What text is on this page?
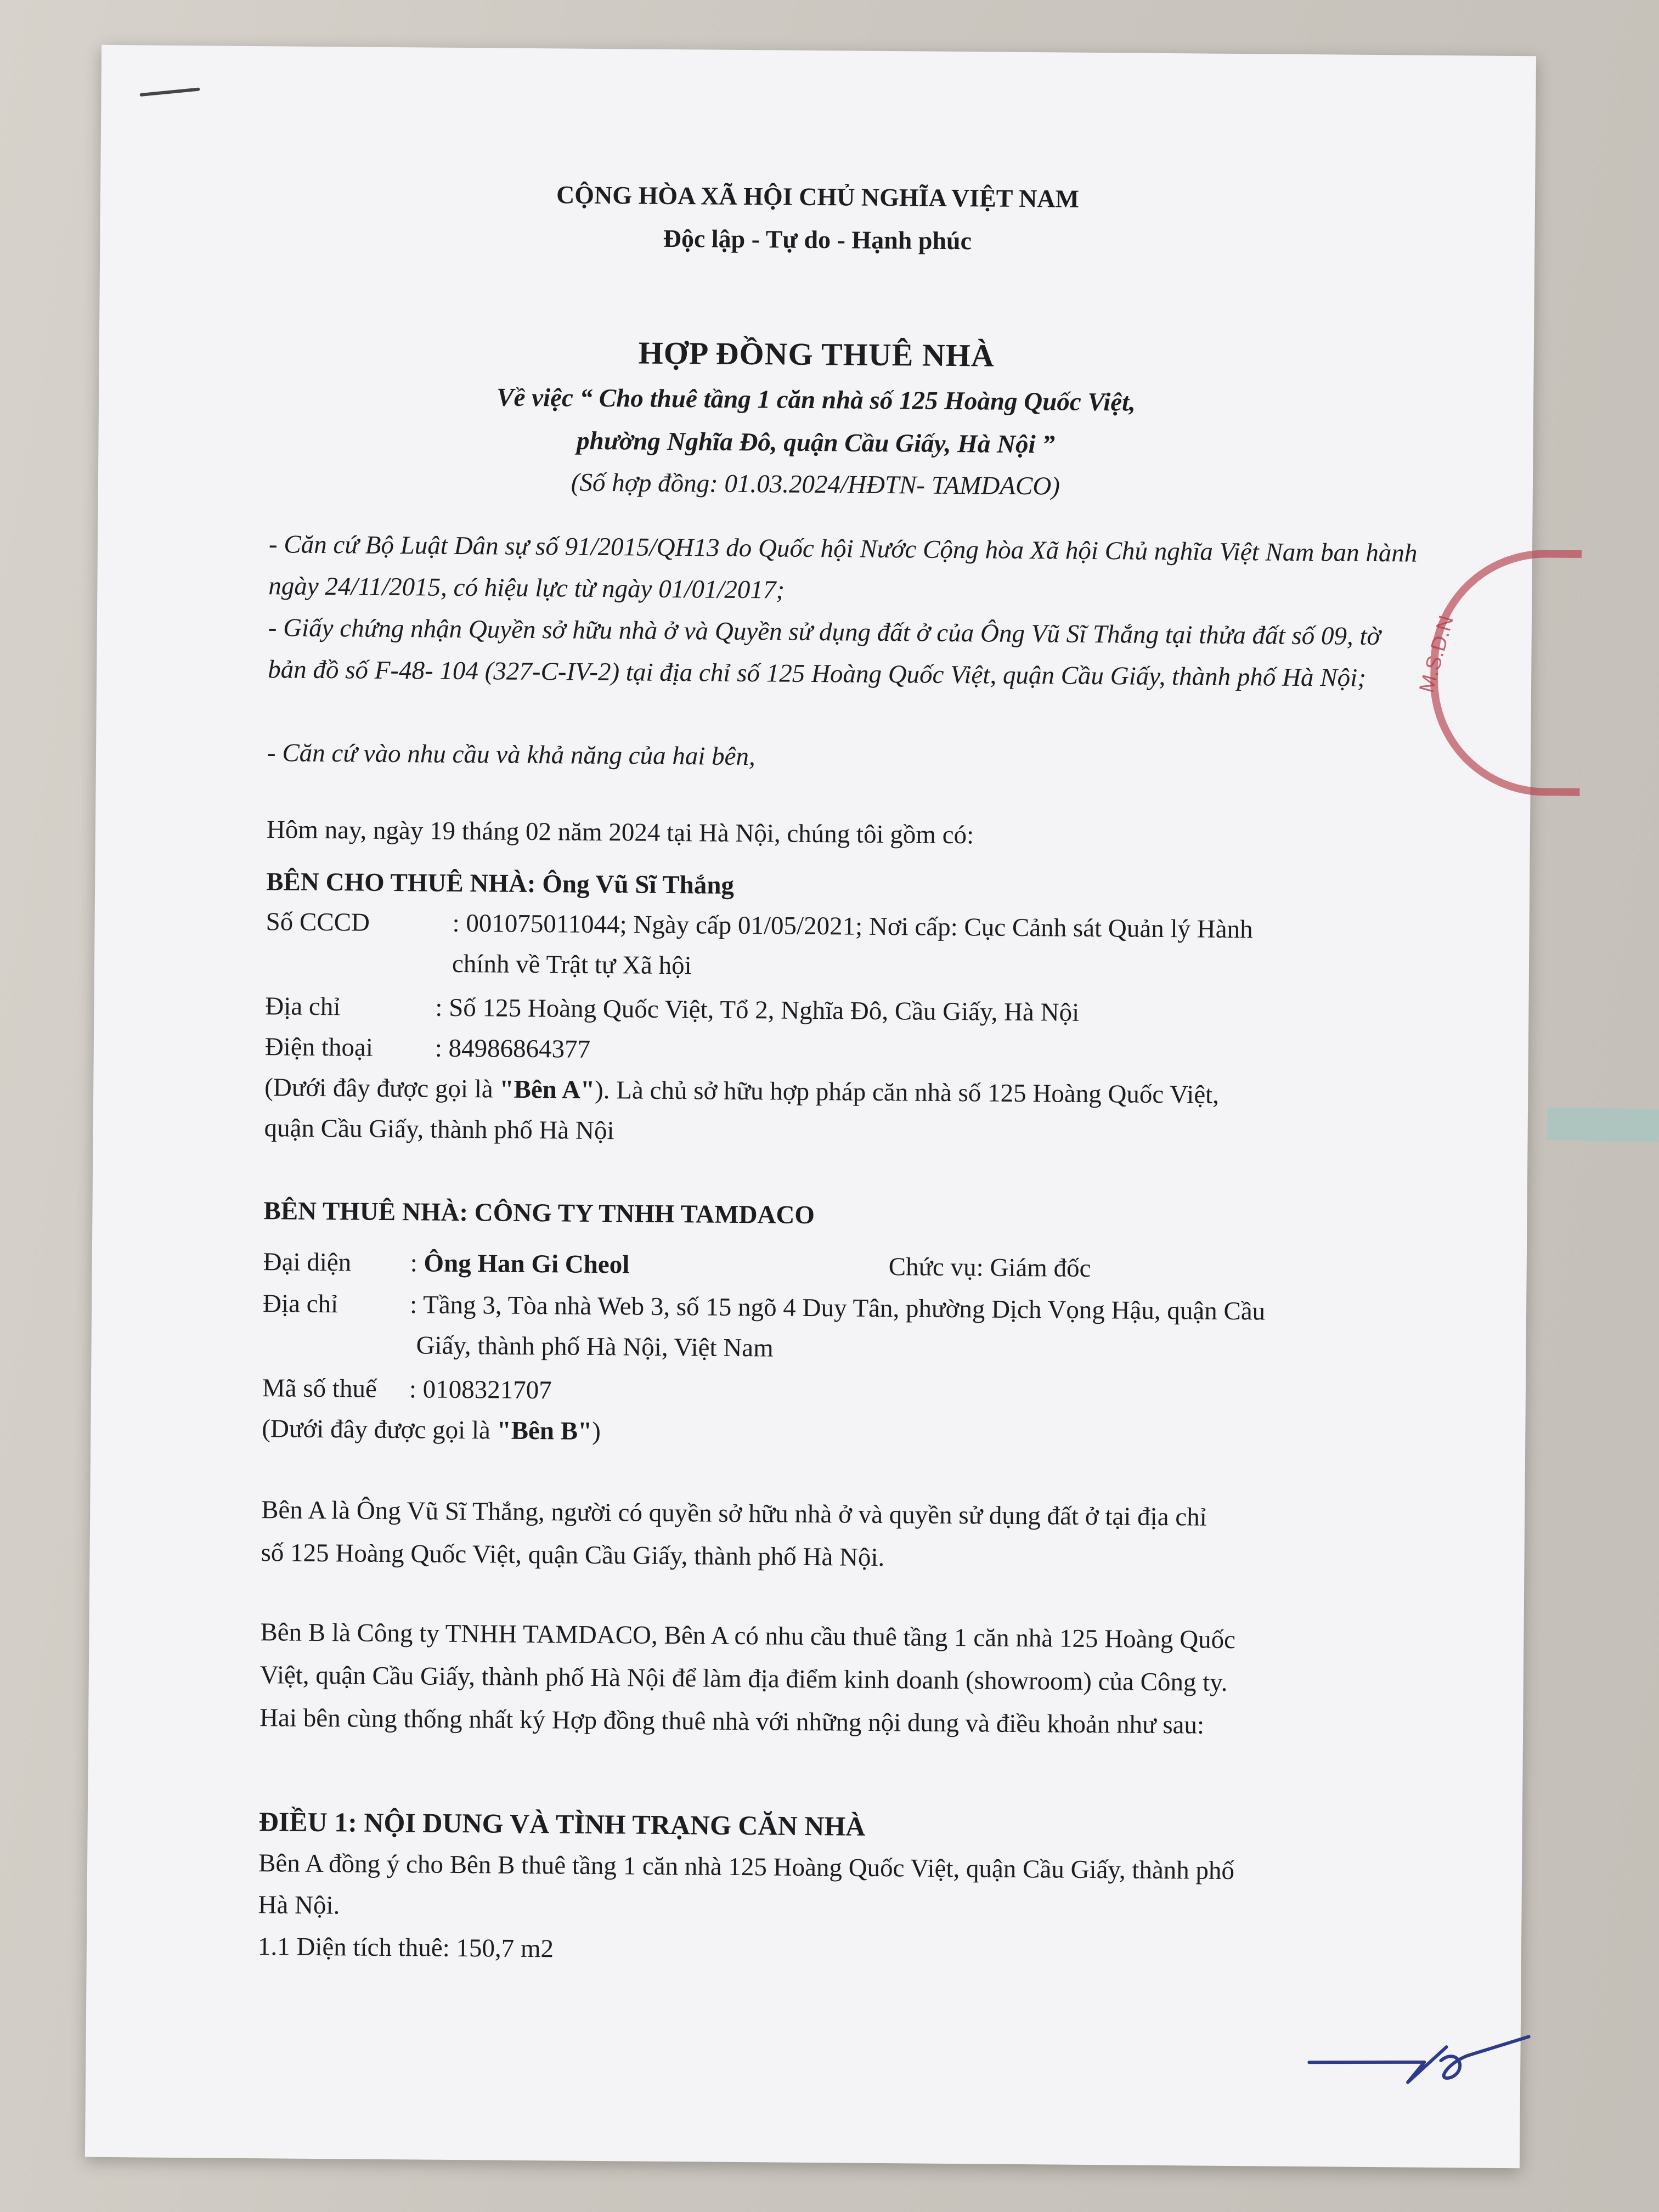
M.S.D.N
CỘNG HÒA XÃ HỘI CHỦ NGHĨA VIỆT NAM
Độc lập - Tự do - Hạnh phúc
HỢP ĐỒNG THUÊ NHÀ
Về việc “ Cho thuê tầng 1 căn nhà số 125 Hoàng Quốc Việt,
phường Nghĩa Đô, quận Cầu Giấy, Hà Nội ”
(Số hợp đồng: 01.03.2024/HĐTN- TAMDACO)
- Căn cứ Bộ Luật Dân sự số 91/2015/QH13 do Quốc hội Nước Cộng hòa Xã hội Chủ nghĩa Việt Nam ban hành ngày 24/11/2015, có hiệu lực từ ngày 01/01/2017;
- Giấy chứng nhận Quyền sở hữu nhà ở và Quyền sử dụng đất ở của Ông Vũ Sĩ Thắng tại thửa đất số 09, tờ bản đồ số F-48- 104 (327-C-IV-2) tại địa chỉ số 125 Hoàng Quốc Việt, quận Cầu Giấy, thành phố Hà Nội;
- Căn cứ vào nhu cầu và khả năng của hai bên,
Hôm nay, ngày 19 tháng 02 năm 2024 tại Hà Nội, chúng tôi gồm có:
BÊN CHO THUÊ NHÀ: Ông Vũ Sĩ Thắng
Số CCCD	: 001075011044; Ngày cấp 01/05/2021; Nơi cấp: Cục Cảnh sát Quản lý Hành
chính về Trật tự Xã hội
Địa chỉ	: Số 125 Hoàng Quốc Việt, Tổ 2, Nghĩa Đô, Cầu Giấy, Hà Nội
Điện thoại : 84986864377
(Dưới đây được gọi là "Bên A"). Là chủ sở hữu hợp pháp căn nhà số 125 Hoàng Quốc Việt,
quận Cầu Giấy, thành phố Hà Nội
BÊN THUÊ NHÀ: CÔNG TY TNHH TAMDACO
Đại diện : Ông Han Gi Cheol	Chức vụ: Giám đốc
Địa chỉ	: Tầng 3, Tòa nhà Web 3, số 15 ngõ 4 Duy Tân, phường Dịch Vọng Hậu, quận Cầu
Giấy, thành phố Hà Nội, Việt Nam
Mã số thuế : 0108321707
(Dưới đây được gọi là "Bên B")
Bên A là Ông Vũ Sĩ Thắng, người có quyền sở hữu nhà ở và quyền sử dụng đất ở tại địa chỉ
số 125 Hoàng Quốc Việt, quận Cầu Giấy, thành phố Hà Nội.
Bên B là Công ty TNHH TAMDACO, Bên A có nhu cầu thuê tầng 1 căn nhà 125 Hoàng Quốc
Việt, quận Cầu Giấy, thành phố Hà Nội để làm địa điểm kinh doanh (showroom) của Công ty.
Hai bên cùng thống nhất ký Hợp đồng thuê nhà với những nội dung và điều khoản như sau:
ĐIỀU 1: NỘI DUNG VÀ TÌNH TRẠNG CĂN NHÀ
Bên A đồng ý cho Bên B thuê tầng 1 căn nhà 125 Hoàng Quốc Việt, quận Cầu Giấy, thành phố
Hà Nội.
1.1 Diện tích thuê: 150,7 m2
